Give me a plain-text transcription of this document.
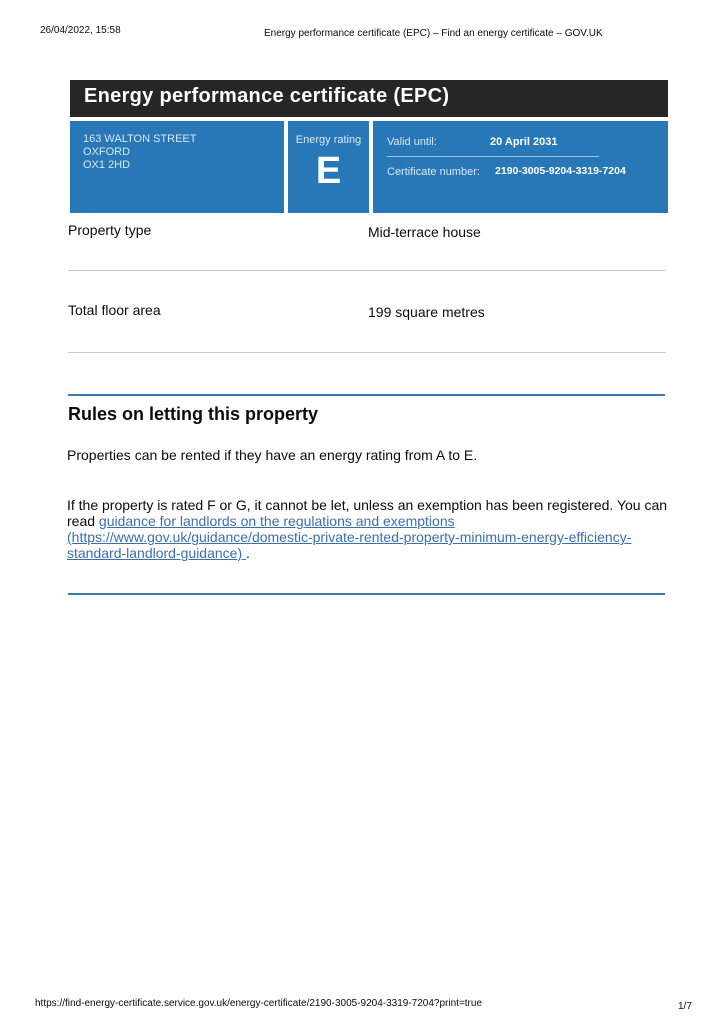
26/04/2022, 15:58	Energy performance certificate (EPC) – Find an energy certificate – GOV.UK
Energy performance certificate (EPC)
163 WALTON STREET
OXFORD
OX1 2HD
Energy rating
E
Valid until:	20 April 2031
Certificate number: 2190-3005-9204-3319-7204
Property type	Mid-terrace house
Total floor area	199 square metres
Rules on letting this property

Properties can be rented if they have an energy rating from A to E.

If the property is rated F or G, it cannot be let, unless an exemption has been registered. You can read guidance for landlords on the regulations and exemptions (https://www.gov.uk/guidance/domestic-private-rented-property-minimum-energy-efficiency-standard-landlord-guidance) .

https://find-energy-certificate.service.gov.uk/energy-certificate/2190-3005-9204-3319-7204?print=true	1/7
